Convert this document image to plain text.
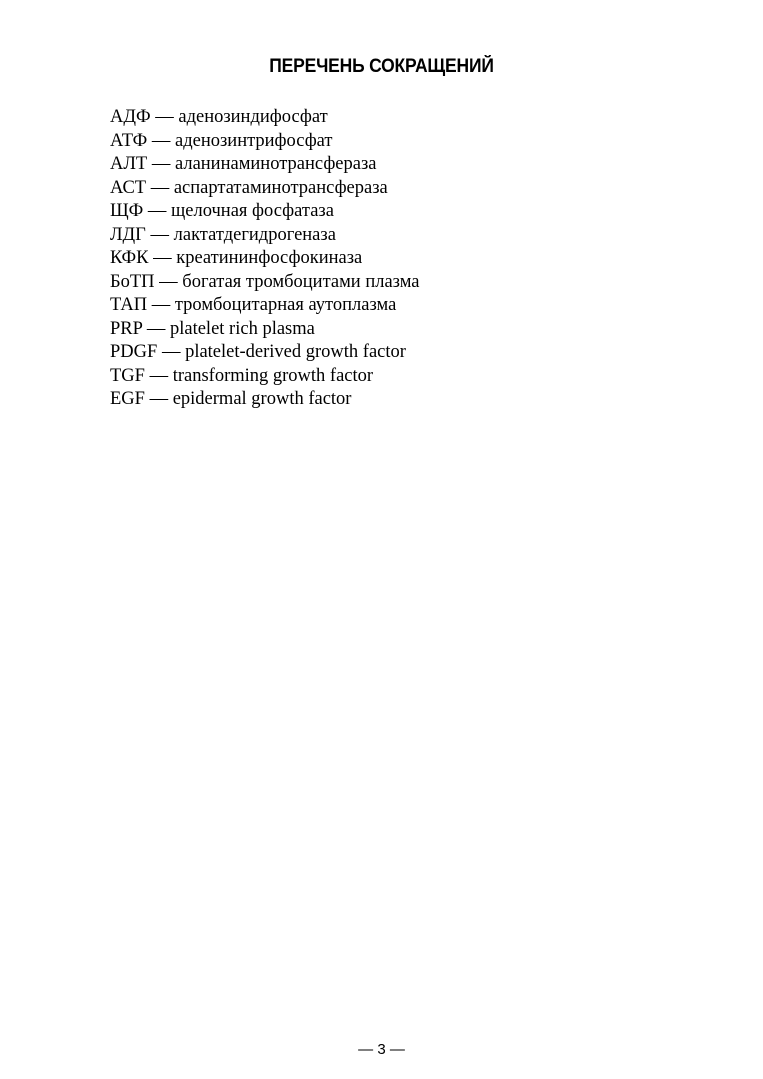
ПЕРЕЧЕНЬ СОКРАЩЕНИЙ
АДФ — аденозиндифосфат
АТФ — аденозинтрифосфат
АЛТ — аланинаминотрансфераза
АСТ — аспартатаминотрансфераза
ЩФ — щелочная фосфатаза
ЛДГ — лактатдегидрогеназа
КФК — креатининфосфокиназа
БоТП — богатая тромбоцитами плазма
ТАП — тромбоцитарная аутоплазма
PRP — platelet rich plasma
PDGF — platelet-derived growth factor
TGF — transforming growth factor
EGF — epidermal growth factor
— 3 —
